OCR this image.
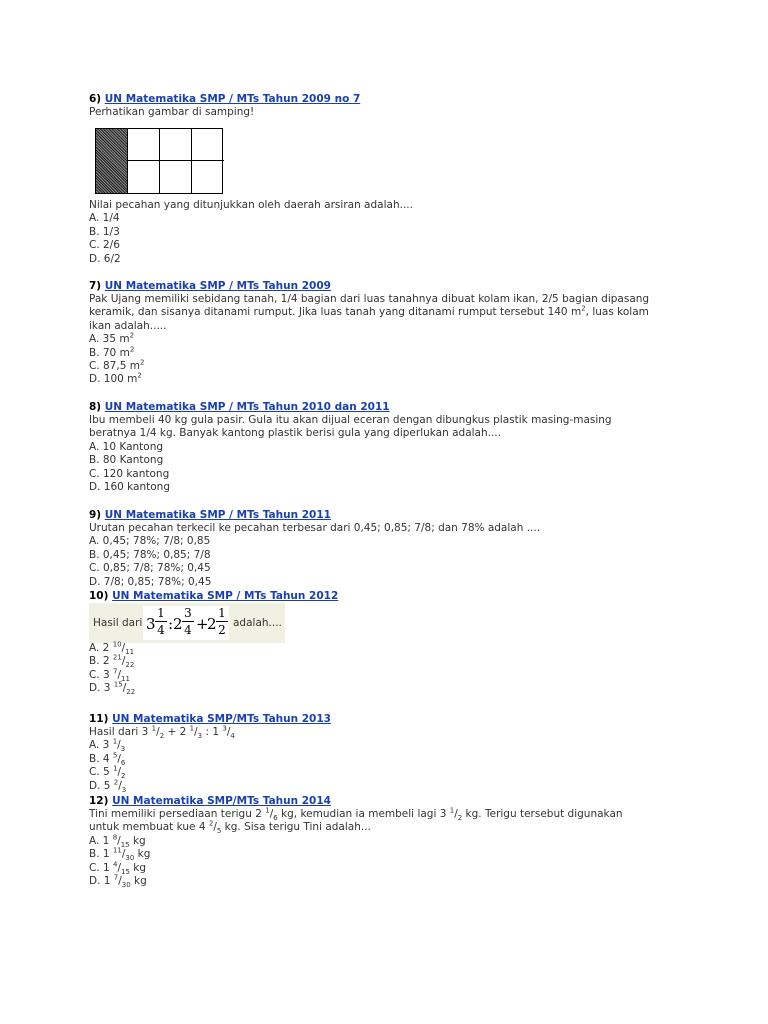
6) UN Matematika SMP / MTs Tahun 2009 no 7
Perhatikan gambar di samping!
Nilai pecahan yang ditunjukkan oleh daerah arsiran adalah....
A. 1/4
B. 1/3
C. 2/6
D. 6/2
7) UN Matematika SMP / MTs Tahun 2009
Pak Ujang memiliki sebidang tanah, 1/4 bagian dari luas tanahnya dibuat kolam ikan, 2/5 bagian dipasang
keramik, dan sisanya ditanami rumput. Jika luas tanah yang ditanami rumput tersebut 140 $m^2$, luas kolam
ikan adalah.....
A. 35 $m^2$
B. 70 $m^2$
C. 87,5 $m^2$
D. 100 $m^2$
8) UN Matematika SMP / MTs Tahun 2010 dan 2011
Ibu membeli 40 kg gula pasir. Gula itu akan dijual eceran dengan dibungkus plastik masing-masing
beratnya 1/4 kg. Banyak kantong plastik berisi gula yang diperlukan adalah....
A. 10 Kantong
B. 80 Kantong
C. 120 kantong
D. 160 kantong
9) UN Matematika SMP / MTs Tahun 2011
Urutan pecahan terkecil ke pecahan terbesar dari 0,45; 0,85; 7/8; dan 78% adalah ....
A. 0,45; 78%; 7/8; 0,85
B. 0,45; 78%; 0,85; 7/8
C. 0,85; 7/8; 78%; 0,45
D. 7/8; 0,85; 78%; 0,45
10) UN Matematika SMP / MTs Tahun 2012
Hasil dari 3
1
4 : 2
3
4 +
2
1
2 adalah....
A. 2 $^{10}/_{11}$
B. 2 $^{21}/_{22}$
C. 3 $^7/_{11}$
D. 3 $^{15}/_{22}$
11) UN Matematika SMP/MTs Tahun 2013
Hasil dari 3 $^1/_2 + 2$ $^1/_3$ : 1 $^3/_4$
A. 3 $^1/_3$
B. 4 $^5/_6$
C. 5 $^1/_2$
D. 5 $^2/_3$
12) UN Matematika SMP/MTs Tahun 2014
Tini memiliki persediaan terigu 2 $^1/_6$ kg, kemudian ia membeli lagi 3 $^1/_2$ kg. Terigu tersebut digunakan
untuk membuat kue 4 $^2/_5$ kg. Sisa terigu Tini adalah...
A. 1 $^8/_{15}$ kg
B. 1 $^{11}/_{30}$ kg
C. 1 $^4/_{15}$ kg
D. 1 $^7/_{30}$ kg
